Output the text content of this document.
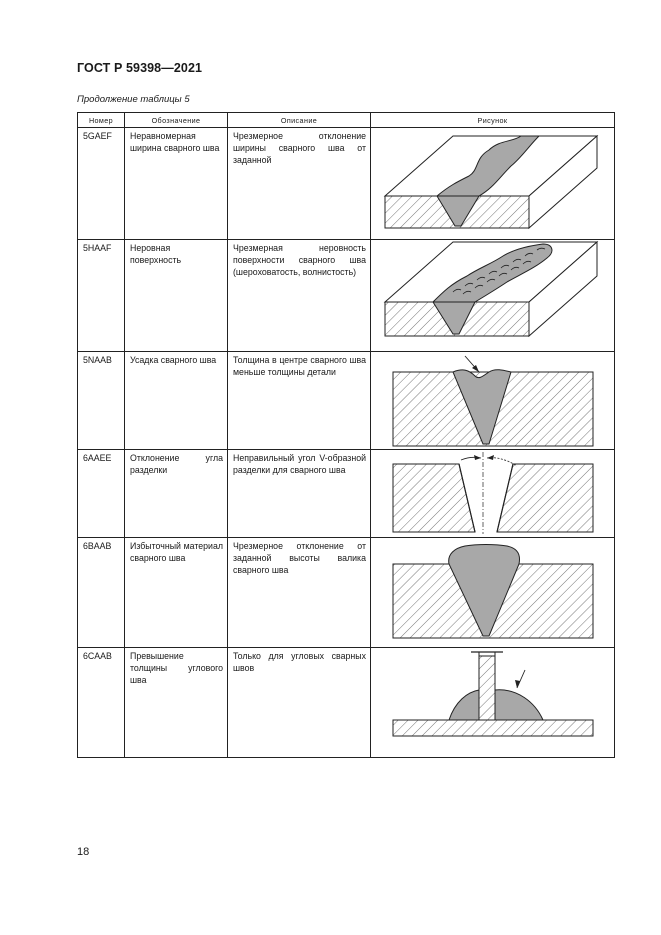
ГОСТ Р 59398—2021
Продолжение таблицы 5
Номер	Обозначение	Описание	Рисунок
5GAEF	Неравномерная ширина сварного шва	Чрезмерное отклонение ширины сварного шва от заданной	

5HAAF	Неровная поверхность	Чрезмерная неровность поверхности сварного шва (шероховатость, волнистость)	

5NAAB	Усадка сварного шва	Толщина в центре сварного шва меньше толщины детали	

6AAEE	Отклонение угла разделки	Неправильный угол V-образной разделки для сварного шва	

6BAAB	Избыточный материал сварного шва	Чрезмерное отклонение от заданной высоты валика сварного шва	

6CAAB	Превышение толщины углового шва	Только для угловых сварных швов	
18
